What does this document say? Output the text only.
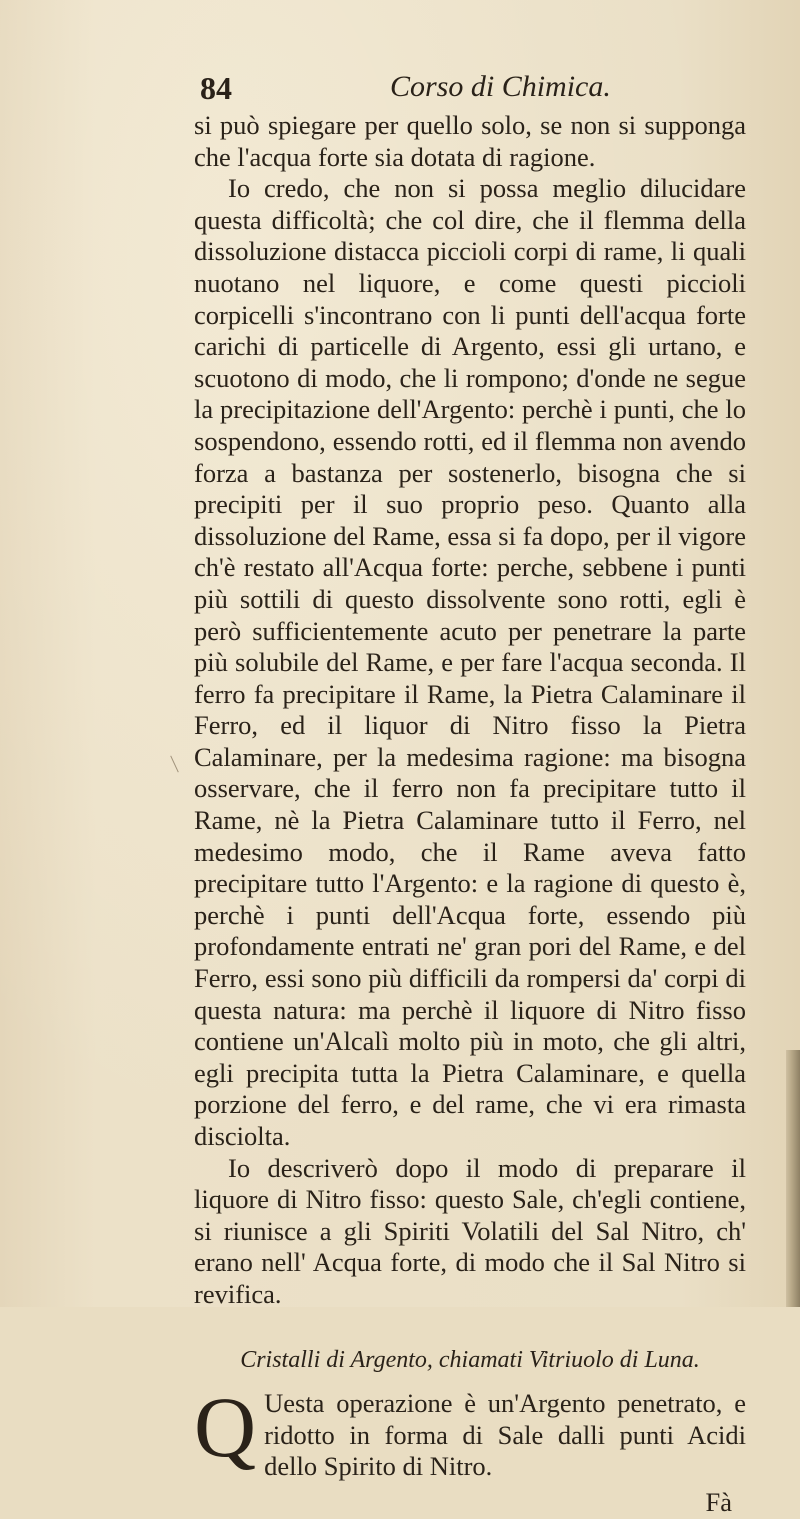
84	Corso di Chimica.

si può spiegare per quello solo, se non si supponga che l'acqua forte sia dotata di ragione.

Io credo, che non si possa meglio dilucidare questa difficoltà; che col dire, che il flemma della dissoluzione distacca piccioli corpi di rame, li quali nuotano nel liquore, e come questi piccioli corpicelli s'incontrano con li punti dell'acqua forte carichi di particelle di Argento, essi gli urtano, e scuotono di modo, che li rompono; d'onde ne segue la precipitazione dell'Argento: perchè i punti, che lo sospendono, essendo rotti, ed il flemma non avendo forza a bastanza per sostenerlo, bisogna che si precipiti per il suo proprio peso. Quanto alla dissoluzione del Rame, essa si fa dopo, per il vigore ch'è restato all'Acqua forte: perche, sebbene i punti più sottili di questo dissolvente sono rotti, egli è però sufficientemente acuto per penetrare la parte più solubile del Rame, e per fare l'acqua seconda. Il ferro fa precipitare il Rame, la Pietra Calaminare il Ferro, ed il liquor di Nitro fisso la Pietra Calaminare, per la medesima ragione: ma bisogna osservare, che il ferro non fa precipitare tutto il Rame, nè la Pietra Calaminare tutto il Ferro, nel medesimo modo, che il Rame aveva fatto precipitare tutto l'Argento: e la ragione di questo è, perchè i punti dell'Acqua forte, essendo più profondamente entrati ne' gran pori del Rame, e del Ferro, essi sono più difficili da rompersi da' corpi di questa natura: ma perchè il liquore di Nitro fisso contiene un'Alcalì molto più in moto, che gli altri, egli precipita tutta la Pietra Calaminare, e quella porzione del ferro, e del rame, che vi era rimasta disciolta.

Io descriverò dopo il modo di preparare il liquore di Nitro fisso: questo Sale, ch'egli contiene, si riunisce a gli Spiriti Volatili del Sal Nitro, ch' erano nell' Acqua forte, di modo che il Sal Nitro si revifica.

Cristalli di Argento, chiamati Vitriuolo di Luna.

Q Uesta operazione è un'Argento penetrato, e ridotto in forma di Sale dalli punti Acidi dello Spirito di Nitro.

Fà
